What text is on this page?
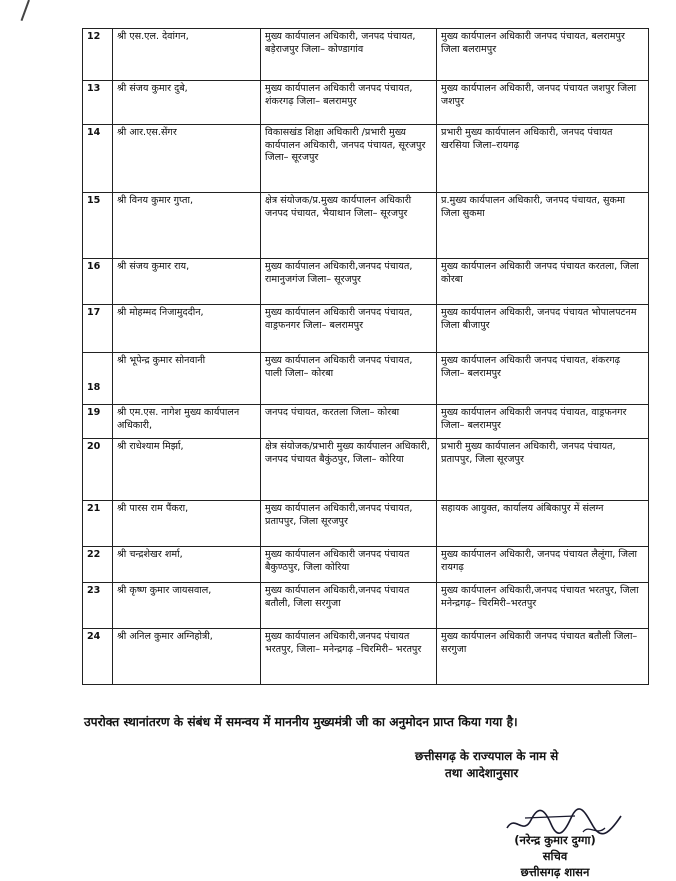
12	श्री एस.एल. देवांगन,	मुख्य कार्यपालन अधिकारी, जनपद पंचायत, बड़ेराजपुर जिला– कोण्डागांव	मुख्य कार्यपालन अधिकारी जनपद पंचायत, बलरामपुर जिला बलरामपुर
13	श्री संजय कुमार दुबे,	मुख्य कार्यपालन अधिकारी जनपद पंचायत, शंकरगढ़ जिला– बलरामपुर	मुख्य कार्यपालन अधिकारी, जनपद पंचायत जशपुर जिला जशपुर
14	श्री आर.एस.सेंगर	विकासखंड शिक्षा अधिकारी /प्रभारी मुख्य कार्यपालन अधिकारी, जनपद पंचायत, सूरजपुर जिला– सूरजपुर	प्रभारी मुख्य कार्यपालन अधिकारी, जनपद पंचायत खरसिया जिला–रायगढ़
15	श्री विनय कुमार गुप्ता,	क्षेत्र संयोजक/प्र.मुख्य कार्यपालन अधिकारी जनपद पंचायत, भैयाथान जिला– सूरजपुर	प्र.मुख्य कार्यपालन अधिकारी, जनपद पंचायत, सुकमा जिला सुकमा
16	श्री संजय कुमार राय,	मुख्य कार्यपालन अधिकारी,जनपद पंचायत, रामानुजगंज जिला– सूरजपुर	मुख्य कार्यपालन अधिकारी जनपद पंचायत करतला, जिला कोरबा
17	श्री मोहम्मद निजामुददीन,	मुख्य कार्यपालन अधिकारी जनपद पंचायत, वाड्रफनगर जिला– बलरामपुर	मुख्य कार्यपालन अधिकारी, जनपद पंचायत भोपालपटनम जिला बीजापुर
18	श्री भूपेन्द्र कुमार सोनवानी	मुख्य कार्यपालन अधिकारी जनपद पंचायत, पाली जिला– कोरबा	मुख्य कार्यपालन अधिकारी जनपद पंचायत, शंकरगढ़ जिला– बलरामपुर
19	श्री एम.एस. नागेश मुख्य कार्यपालन अधिकारी,	जनपद पंचायत, करतला जिला– कोरबा	मुख्य कार्यपालन अधिकारी जनपद पंचायत, वाड्रफनगर जिला– बलरामपुर
20	श्री राधेश्याम मिर्झा,	क्षेत्र संयोजक/प्रभारी मुख्य कार्यपालन अधिकारी, जनपद पंचायत बैकुंठपुर, जिला– कोरिया	प्रभारी मुख्य कार्यपालन अधिकारी, जनपद पंचायत, प्रतापपुर, जिला सूरजपुर
21	श्री पारस राम पैंकरा,	मुख्य कार्यपालन अधिकारी,जनपद पंचायत, प्रतापपुर, जिला सूरजपुर	सहायक आयुक्त, कार्यालय अंबिकापुर में संलग्न
22	श्री चन्द्रशेखर शर्मा,	मुख्य कार्यपालन अधिकारी जनपद पंचायत बैकुण्ठपुर, जिला कोरिया	मुख्य कार्यपालन अधिकारी, जनपद पंचायत लैलूंगा, जिला रायगढ़
23	श्री कृष्ण कुमार जायसवाल,	मुख्य कार्यपालन अधिकारी,जनपद पंचायत बतौली, जिला सरगुजा	मुख्य कार्यपालन अधिकारी,जनपद पंचायत भरतपुर, जिला मनेन्द्रगढ़– चिरमिरी–भरतपुर
24	श्री अनिल कुमार अग्निहोत्री,	मुख्य कार्यपालन अधिकारी,जनपद पंचायत भरतपुर, जिला– मनेन्द्रगढ़ –चिरमिरी– भरतपुर	मुख्य कार्यपालन अधिकारी जनपद पंचायत बतौली जिला–सरगुजा
उपरोक्त स्थानांतरण के संबंध में समन्वय में माननीय मुख्यमंत्री जी का अनुमोदन प्राप्त किया गया है।
छत्तीसगढ़ के राज्यपाल के नाम से
तथा आदेशानुसार
(नरेन्द्र कुमार दुग्गा)
सचिव
छत्तीसगढ़ शासन
